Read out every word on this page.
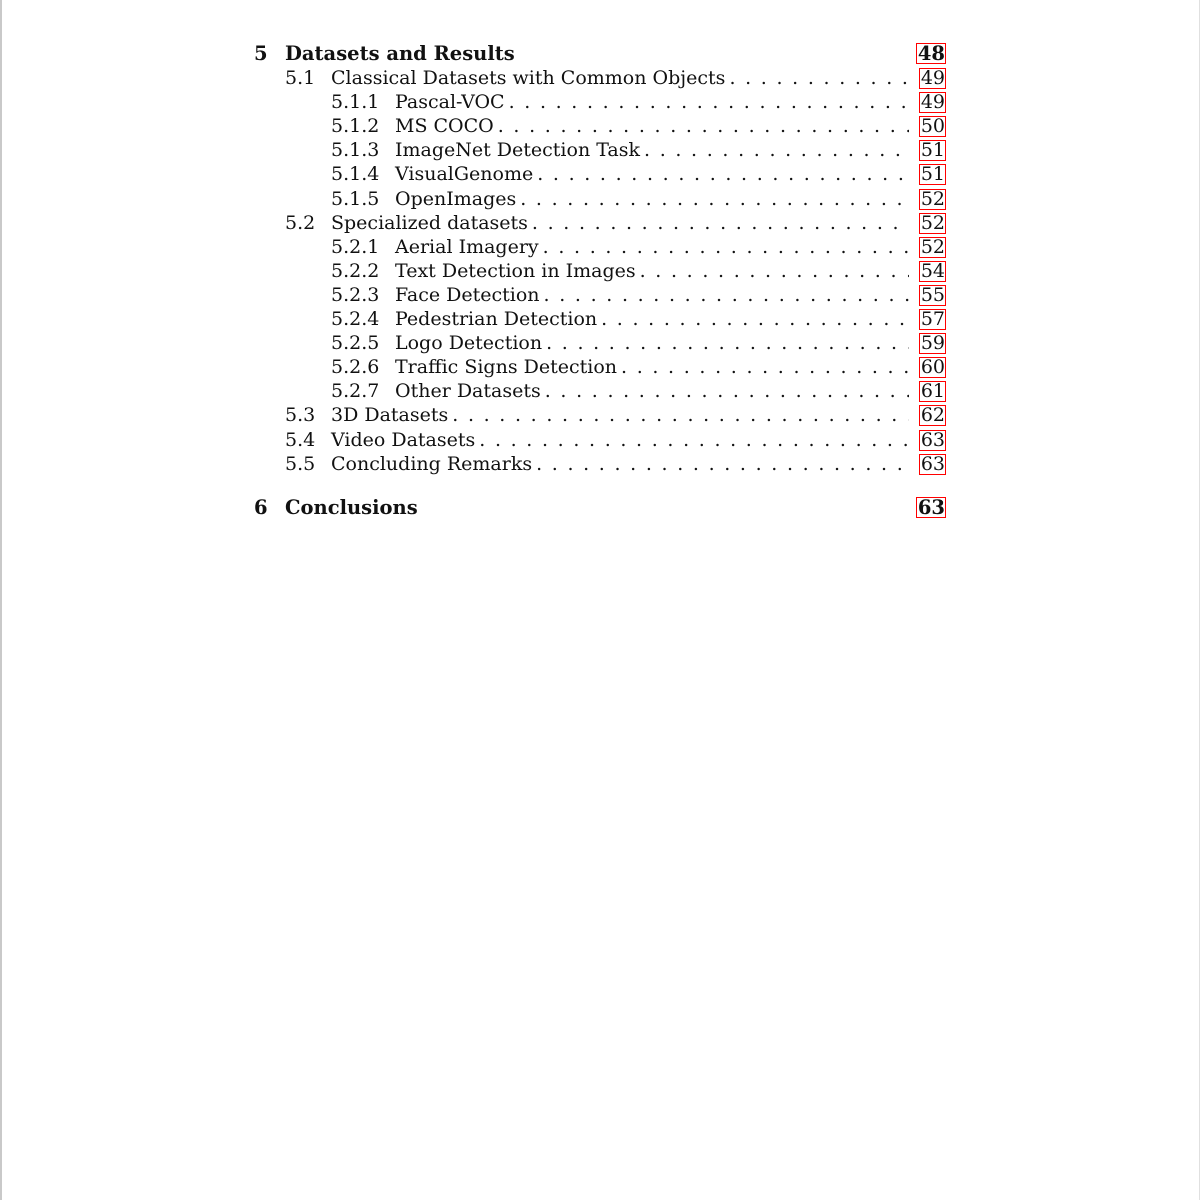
5 Datasets and Results	48
5.1 Classical Datasets with Common Objects . . .	49
5.1.1 Pascal-VOC . . .	49
5.1.2 MS COCO . . .	50
5.1.3 ImageNet Detection Task . . .	51
5.1.4 VisualGenome . . .	51
5.1.5 OpenImages . . .	52
5.2 Specialized datasets . . .	52
5.2.1 Aerial Imagery . . .	52
5.2.2 Text Detection in Images . . .	54
5.2.3 Face Detection . . .	55
5.2.4 Pedestrian Detection . . .	57
5.2.5 Logo Detection . . .	59
5.2.6 Traffic Signs Detection . . .	60
5.2.7 Other Datasets . . .	61
5.3 3D Datasets . . .	62
5.4 Video Datasets . . .	63
5.5 Concluding Remarks . . .	63
6 Conclusions	63
